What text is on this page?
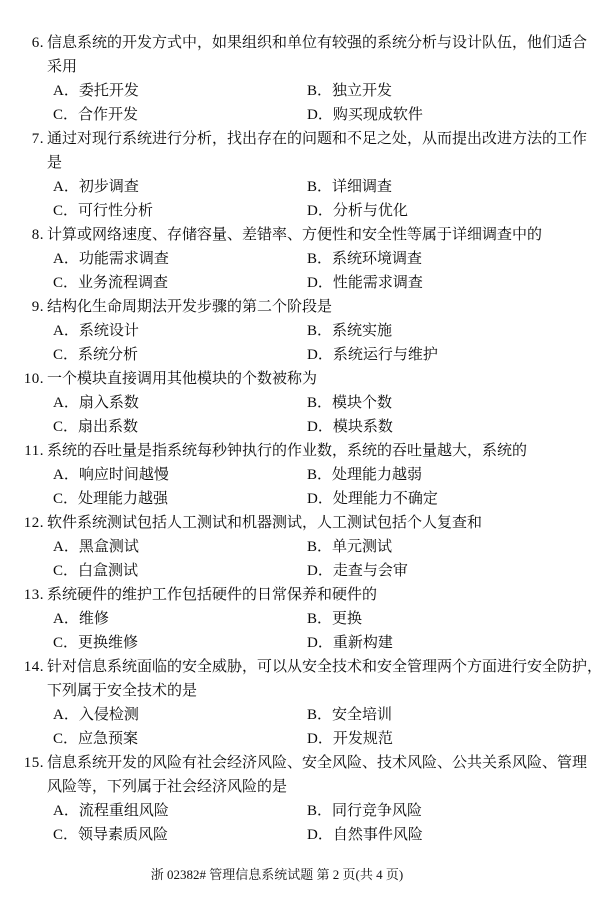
6. 信息系统的开发方式中，如果组织和单位有较强的系统分析与设计队伍，他们适合
采用
A．委托开发	B．独立开发
C．合作开发	D．购买现成软件
7. 通过对现行系统进行分析，找出存在的问题和不足之处，从而提出改进方法的工作
是
A．初步调查	B．详细调查
C．可行性分析	D．分析与优化
8. 计算或网络速度、存储容量、差错率、方便性和安全性等属于详细调查中的
A．功能需求调查	B．系统环境调查
C．业务流程调查	D．性能需求调查
9. 结构化生命周期法开发步骤的第二个阶段是
A．系统设计	B．系统实施
C．系统分析	D．系统运行与维护
10. 一个模块直接调用其他模块的个数被称为
A．扇入系数	B．模块个数
C．扇出系数	D．模块系数
11. 系统的吞吐量是指系统每秒钟执行的作业数，系统的吞吐量越大，系统的
A．响应时间越慢	B．处理能力越弱
C．处理能力越强	D．处理能力不确定
12. 软件系统测试包括人工测试和机器测试，人工测试包括个人复查和
A．黑盒测试	B．单元测试
C．白盒测试	D．走查与会审
13. 系统硬件的维护工作包括硬件的日常保养和硬件的
A．维修	B．更换
C．更换维修	D．重新构建
14. 针对信息系统面临的安全威胁，可以从安全技术和安全管理两个方面进行安全防护，
下列属于安全技术的是
A．入侵检测	B．安全培训
C．应急预案	D．开发规范
15. 信息系统开发的风险有社会经济风险、安全风险、技术风险、公共关系风险、管理
风险等，下列属于社会经济风险的是
A．流程重组风险	B．同行竞争风险
C．领导素质风险	D．自然事件风险
浙 02382# 管理信息系统试题 第 2 页(共 4 页)
